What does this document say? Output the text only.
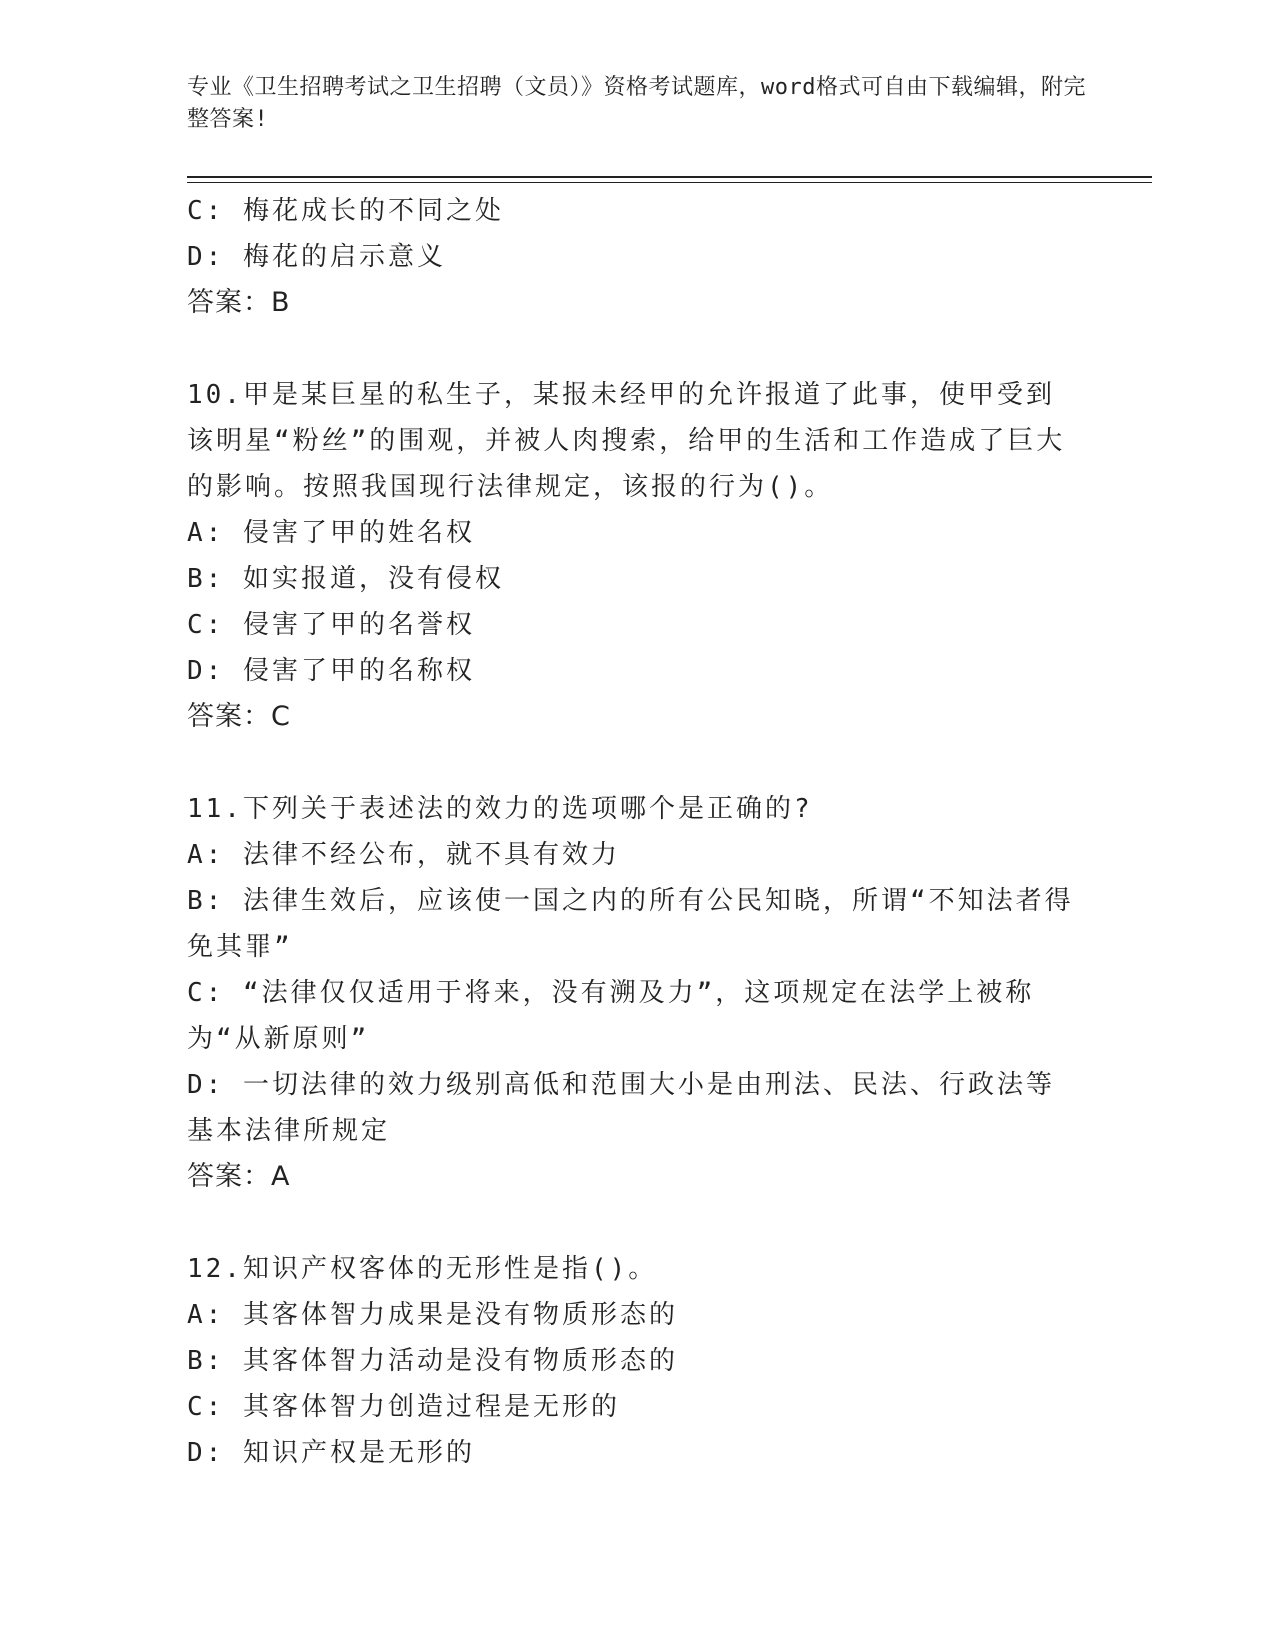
专业《卫生招聘考试之卫生招聘（文员）》资格考试题库，word格式可自由下载编辑，附完整答案!
C: 梅花成长的不同之处
D: 梅花的启示意义
答案：B
10.甲是某巨星的私生子，某报未经甲的允许报道了此事，使甲受到该明星“粉丝”的围观，并被人肉搜索，给甲的生活和工作造成了巨大的影响。按照我国现行法律规定，该报的行为()。
A: 侵害了甲的姓名权
B: 如实报道，没有侵权
C: 侵害了甲的名誉权
D: 侵害了甲的名称权
答案：C
11.下列关于表述法的效力的选项哪个是正确的?
A: 法律不经公布，就不具有效力
B: 法律生效后，应该使一国之内的所有公民知晓，所谓“不知法者得免其罪”
C: “法律仅仅适用于将来，没有溯及力”，这项规定在法学上被称为“从新原则”
D: 一切法律的效力级别高低和范围大小是由刑法、民法、行政法等基本法律所规定
答案：A
12.知识产权客体的无形性是指()。
A: 其客体智力成果是没有物质形态的
B: 其客体智力活动是没有物质形态的
C: 其客体智力创造过程是无形的
D: 知识产权是无形的
